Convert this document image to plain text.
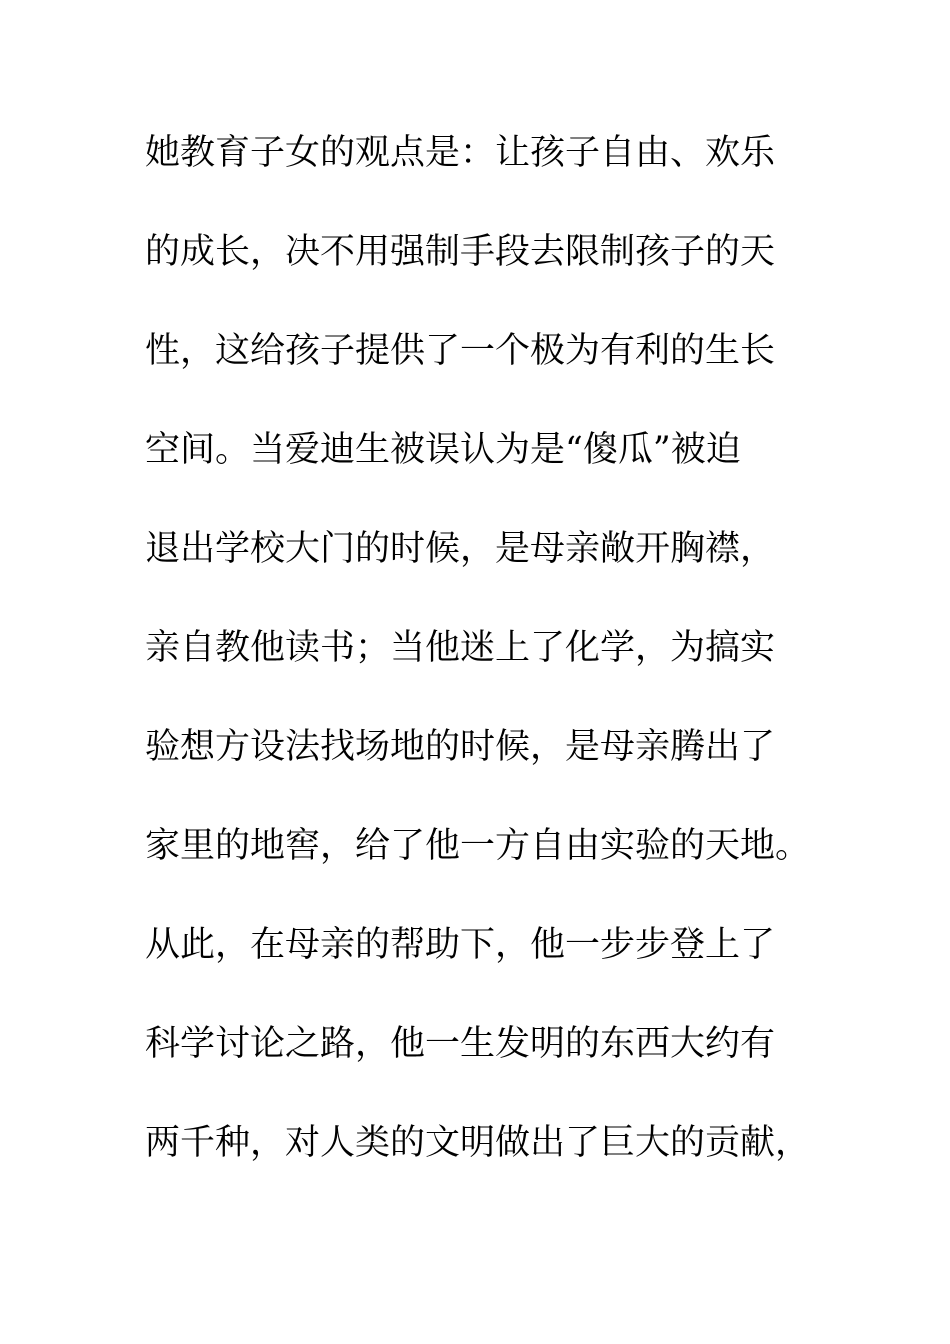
她教育子女的观点是：让孩子自由、欢乐
的成长，决不用强制手段去限制孩子的天
性，这给孩子提供了一个极为有利的生长
空间。当爱迪生被误认为是“傻瓜”被迫
退出学校大门的时候，是母亲敞开胸襟，
亲自教他读书；当他迷上了化学，为搞实
验想方设法找场地的时候，是母亲腾出了
家里的地窖，给了他一方自由实验的天地。
从此，在母亲的帮助下，他一步步登上了
科学讨论之路，他一生发明的东西大约有
两千种，对人类的文明做出了巨大的贡献，
